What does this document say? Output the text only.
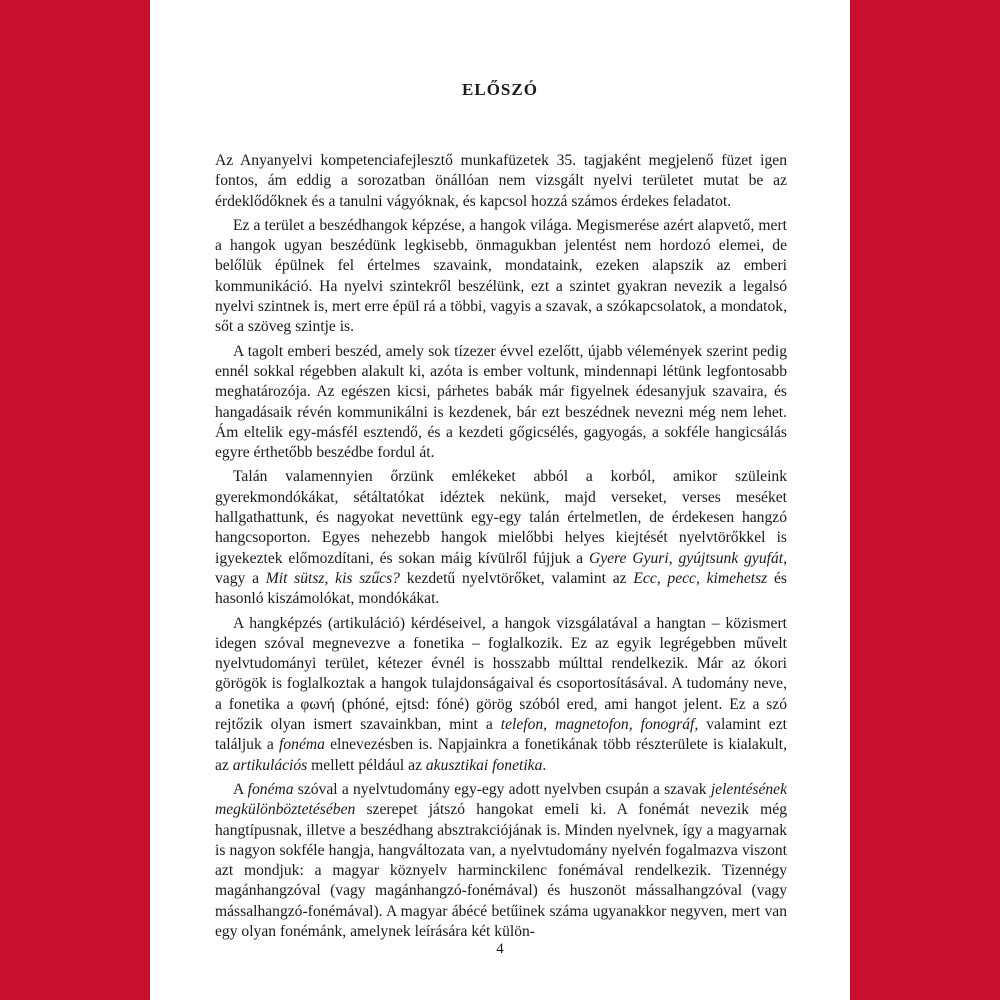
ELŐSZÓ

Az Anyanyelvi kompetenciafejlesztő munkafüzetek 35. tagjaként megjelenő füzet igen fontos, ám eddig a sorozatban önállóan nem vizsgált nyelvi területet mutat be az érdeklődőknek és a tanulni vágyóknak, és kapcsol hozzá számos érdekes feladatot.

Ez a terület a beszédhangok képzése, a hangok világa. Megismerése azért alapvető, mert a hangok ugyan beszédünk legkisebb, önmagukban jelentést nem hordozó elemei, de belőlük épülnek fel értelmes szavaink, mondataink, ezeken alapszik az emberi kommunikáció. Ha nyelvi szintekről beszélünk, ezt a szintet gyakran nevezik a legalsó nyelvi szintnek is, mert erre épül rá a többi, vagyis a szavak, a szókapcsolatok, a mondatok, sőt a szöveg szintje is.

A tagolt emberi beszéd, amely sok tízezer évvel ezelőtt, újabb vélemények szerint pedig ennél sokkal régebben alakult ki, azóta is ember voltunk, mindennapi létünk legfontosabb meghatározója. Az egészen kicsi, párhetes babák már figyelnek édesanyjuk szavaira, és hangadásaik révén kommunikálni is kezdenek, bár ezt beszédnek nevezni még nem lehet. Ám eltelik egy-másfél esztendő, és a kezdeti gőgicsélés, gagyogás, a sokféle hangicsálás egyre érthetőbb beszédbe fordul át.

Talán valamennyien őrzünk emlékeket abból a korból, amikor szüleink gyerekmondókákat, sétáltatókat idéztek nekünk, majd verseket, verses meséket hallgathattunk, és nagyokat nevettünk egy-egy talán értelmetlen, de érdekesen hangzó hangcsoporton. Egyes nehezebb hangok mielőbbi helyes kiejtését nyelvtörőkkel is igyekeztek előmozdítani, és sokan máig kívülről fújjuk a Gyere Gyuri, gyújtsunk gyufát, vagy a Mit sütsz, kis szűcs? kezdetű nyelvtörőket, valamint az Ecc, pecc, kimehetsz és hasonló kiszámolókat, mondókákat.

A hangképzés (artikuláció) kérdéseivel, a hangok vizsgálatával a hangtan – közismert idegen szóval megnevezve a fonetika – foglalkozik. Ez az egyik legrégebben művelt nyelvtudományi terület, kétezer évnél is hosszabb múlttal rendelkezik. Már az ókori görögök is foglalkoztak a hangok tulajdonságaival és csoportosításával. A tudomány neve, a fonetika a φωνή (phóné, ejtsd: fóné) görög szóból ered, ami hangot jelent. Ez a szó rejtőzik olyan ismert szavainkban, mint a telefon, magnetofon, fonográf, valamint ezt találjuk a fonéma elnevezésben is. Napjainkra a fonetikának több részterülete is kialakult, az artikulációs mellett például az akusztikai fonetika.

A fonéma szóval a nyelvtudomány egy-egy adott nyelvben csupán a szavak jelentésének megkülönböztetésében szerepet játszó hangokat emeli ki. A fonémát nevezik még hangtípusnak, illetve a beszédhang absztrakciójának is. Minden nyelvnek, így a magyarnak is nagyon sokféle hangja, hangváltozata van, a nyelvtudomány nyelvén fogalmazva viszont azt mondjuk: a magyar köznyelv harminckilenc fonémával rendelkezik. Tizennégy magánhangzóval (vagy magánhangzó-fonémával) és huszonöt mássalhangzóval (vagy mássalhangzó-fonémával). A magyar ábécé betűinek száma ugyanakkor negyven, mert van egy olyan fonémánk, amelynek leírására két külön-

4
